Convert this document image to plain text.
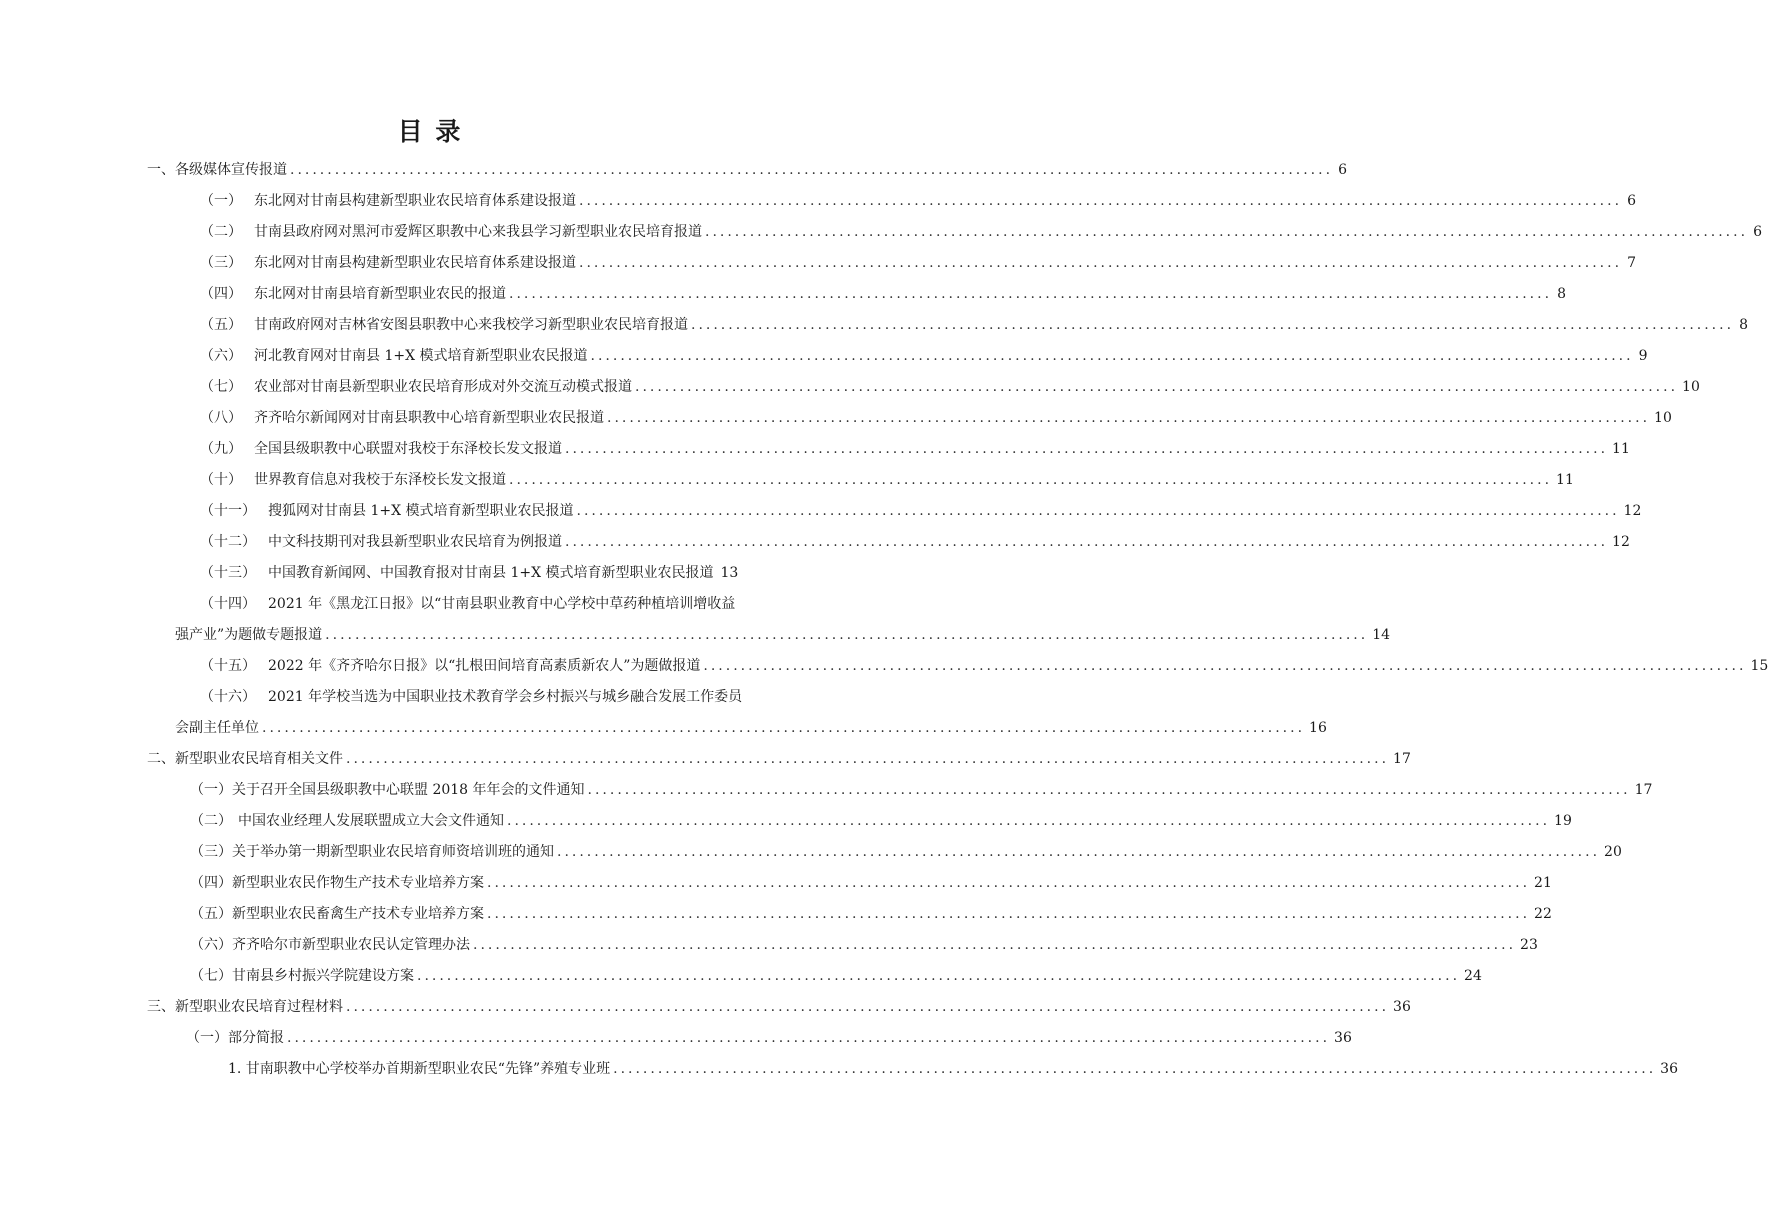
目 录
一、各级媒体宣传报道 ............................................................................................................................................ 6
（一） 东北网对甘南县构建新型职业农民培育体系建设报道 ............................................................................................................................................ 6
（二） 甘南县政府网对黑河市爱辉区职教中心来我县学习新型职业农民培育报道 ............................................................................................................................................ 6
（三） 东北网对甘南县构建新型职业农民培育体系建设报道 ............................................................................................................................................ 7
（四） 东北网对甘南县培育新型职业农民的报道 ............................................................................................................................................ 8
（五） 甘南政府网对吉林省安图县职教中心来我校学习新型职业农民培育报道 ............................................................................................................................................ 8
（六） 河北教育网对甘南县 1+X 模式培育新型职业农民报道 ............................................................................................................................................ 9
（七） 农业部对甘南县新型职业农民培育形成对外交流互动模式报道 ............................................................................................................................................ 10
（八） 齐齐哈尔新闻网对甘南县职教中心培育新型职业农民报道 ............................................................................................................................................ 10
（九） 全国县级职教中心联盟对我校于东泽校长发文报道 ............................................................................................................................................ 11
（十） 世界教育信息对我校于东泽校长发文报道 ............................................................................................................................................ 11
（十一） 搜狐网对甘南县 1+X 模式培育新型职业农民报道 ............................................................................................................................................ 12
（十二） 中文科技期刊对我县新型职业农民培育为例报道 ............................................................................................................................................ 12
（十三） 中国教育新闻网、中国教育报对甘南县 1+X 模式培育新型职业农民报道 13
（十四） 2021 年《黑龙江日报》以“甘南县职业教育中心学校中草药种植培训增收益
强产业”为题做专题报道 ............................................................................................................................................ 14
（十五） 2022 年《齐齐哈尔日报》以“扎根田间培育高素质新农人”为题做报道 ............................................................................................................................................ 15
（十六） 2021 年学校当选为中国职业技术教育学会乡村振兴与城乡融合发展工作委员
会副主任单位 ............................................................................................................................................ 16
二、新型职业农民培育相关文件 ............................................................................................................................................ 17
（一）关于召开全国县级职教中心联盟 2018 年年会的文件通知 ............................................................................................................................................ 17
（二） 中国农业经理人发展联盟成立大会文件通知 ............................................................................................................................................ 19
（三）关于举办第一期新型职业农民培育师资培训班的通知 ............................................................................................................................................ 20
（四）新型职业农民作物生产技术专业培养方案 ............................................................................................................................................ 21
（五）新型职业农民畜禽生产技术专业培养方案 ............................................................................................................................................ 22
（六）齐齐哈尔市新型职业农民认定管理办法 ............................................................................................................................................ 23
（七）甘南县乡村振兴学院建设方案 ............................................................................................................................................ 24
三、新型职业农民培育过程材料 ............................................................................................................................................ 36
（一）部分简报 ............................................................................................................................................ 36
1. 甘南职教中心学校举办首期新型职业农民“先锋”养殖专业班 ............................................................................................................................................ 36
